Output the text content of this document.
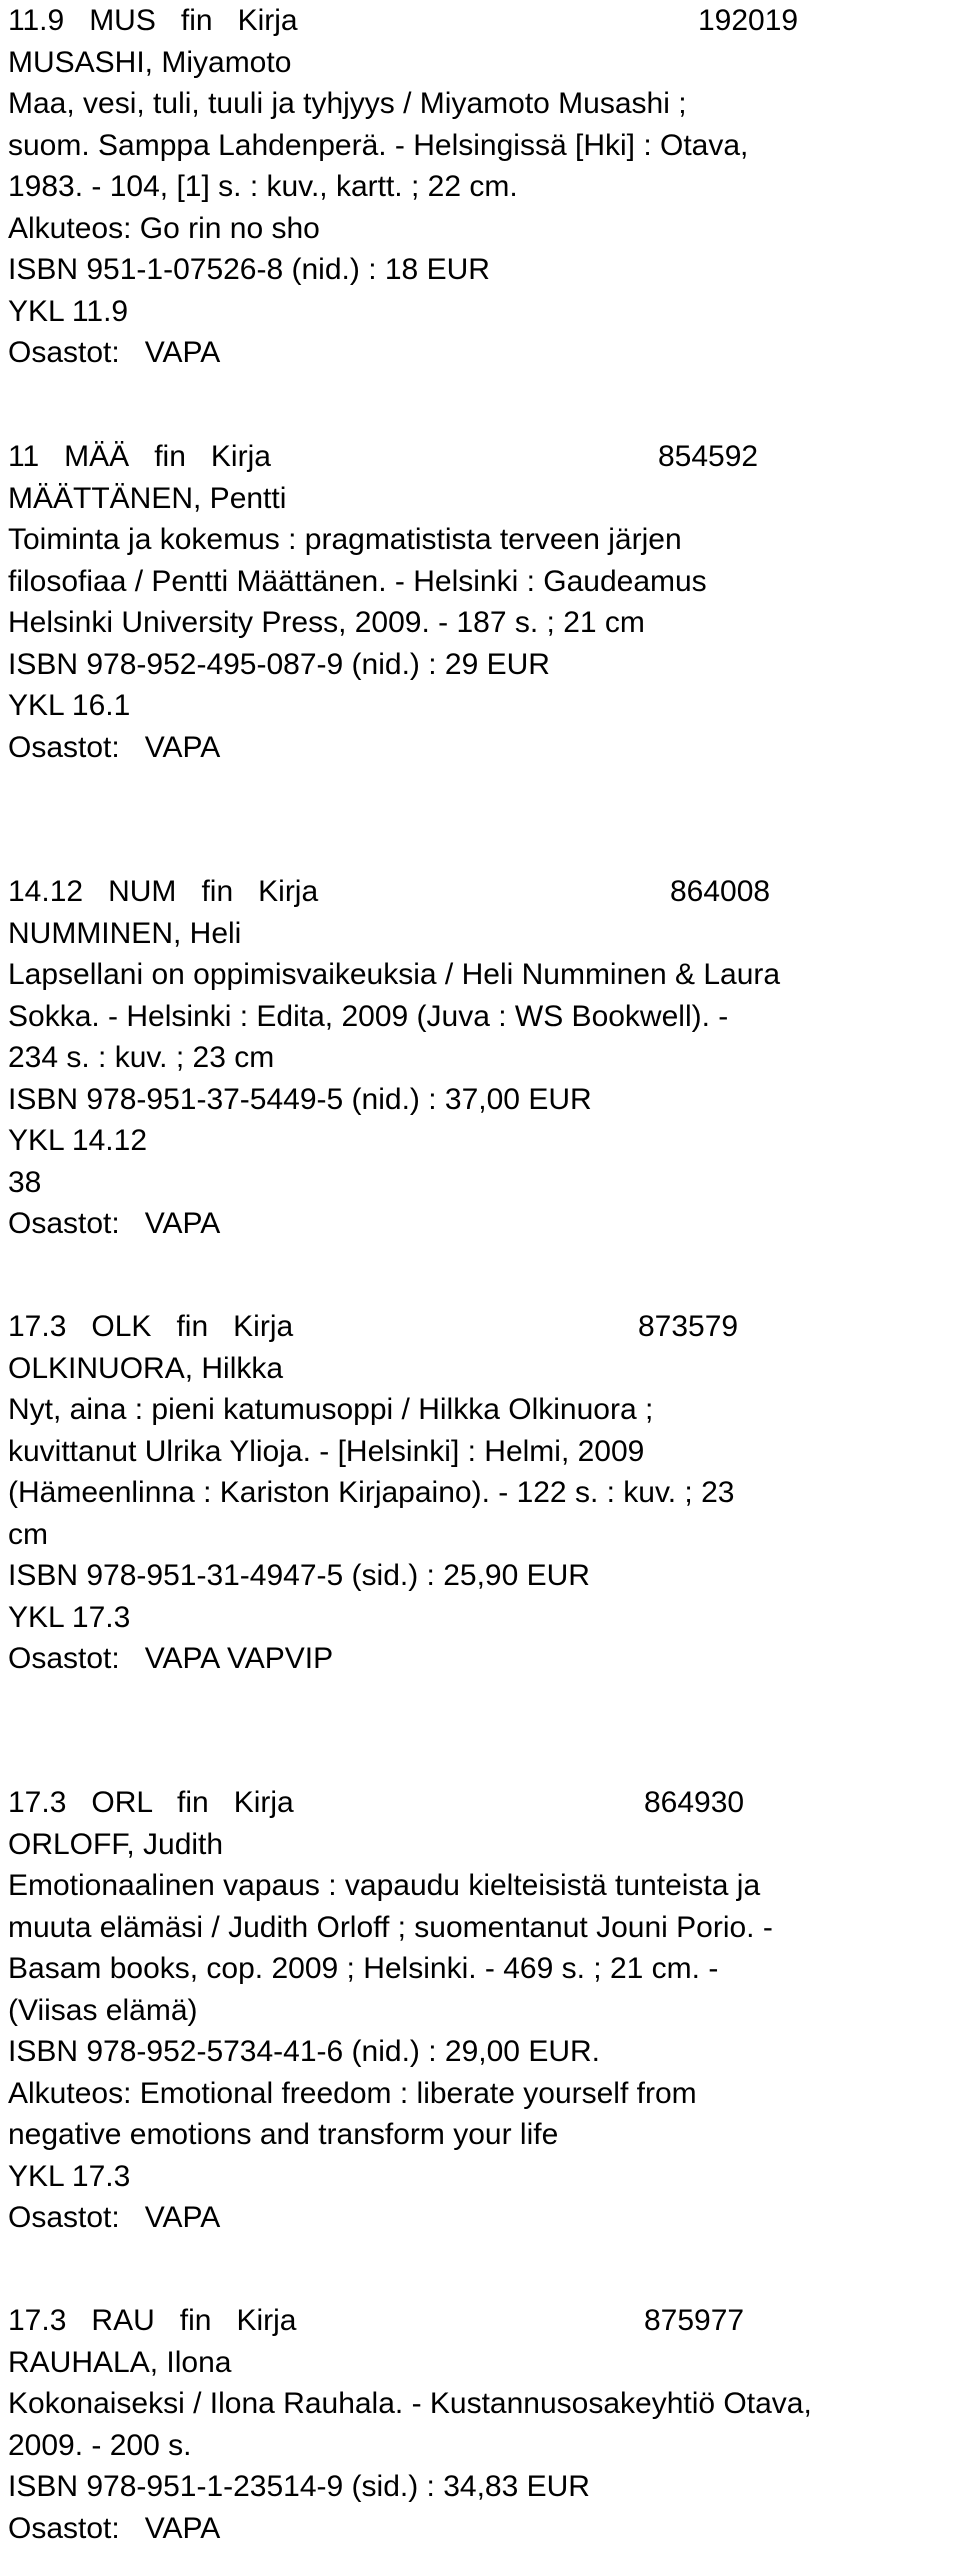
11.9 MUS fin Kirja	192019
MUSASHI, Miyamoto
Maa, vesi, tuli, tuuli ja tyhjyys / Miyamoto Musashi ;
suom. Samppa Lahdenperä. - Helsingissä [Hki] : Otava,
1983. - 104, [1] s. : kuv., kartt. ; 22 cm.
Alkuteos: Go rin no sho
ISBN 951-1-07526-8 (nid.) : 18 EUR
YKL 11.9
Osastot:   VAPA
11 MÄÄ fin Kirja	854592
MÄÄTTÄNEN, Pentti
Toiminta ja kokemus : pragmatistista terveen järjen
filosofiaa / Pentti Määttänen. - Helsinki : Gaudeamus
Helsinki University Press, 2009. - 187 s. ; 21 cm
ISBN 978-952-495-087-9 (nid.) : 29 EUR
YKL 16.1
Osastot:   VAPA
14.12 NUM fin Kirja	864008
NUMMINEN, Heli
Lapsellani on oppimisvaikeuksia / Heli Numminen & Laura
Sokka. - Helsinki : Edita, 2009 (Juva : WS Bookwell). -
234 s. : kuv. ; 23 cm
ISBN 978-951-37-5449-5 (nid.) : 37,00 EUR
YKL 14.12
38
Osastot:   VAPA
17.3 OLK fin Kirja	873579
OLKINUORA, Hilkka
Nyt, aina : pieni katumusoppi / Hilkka Olkinuora ;
kuvittanut Ulrika Ylioja. - [Helsinki] : Helmi, 2009
(Hämeenlinna : Kariston Kirjapaino). - 122 s. : kuv. ; 23
cm
ISBN 978-951-31-4947-5 (sid.) : 25,90 EUR
YKL 17.3
Osastot:   VAPA VAPVIP
17.3 ORL fin Kirja	864930
ORLOFF, Judith
Emotionaalinen vapaus : vapaudu kielteisistä tunteista ja
muuta elämäsi / Judith Orloff ; suomentanut Jouni Porio. -
Basam books, cop. 2009 ; Helsinki. - 469 s. ; 21 cm. -
(Viisas elämä)
ISBN 978-952-5734-41-6 (nid.) : 29,00 EUR.
Alkuteos: Emotional freedom : liberate yourself from
negative emotions and transform your life
YKL 17.3
Osastot:   VAPA
17.3 RAU fin Kirja	875977
RAUHALA, Ilona
Kokonaiseksi / Ilona Rauhala. - Kustannusosakeyhtiö Otava,
2009. - 200 s.
ISBN 978-951-1-23514-9 (sid.) : 34,83 EUR
Osastot:   VAPA
